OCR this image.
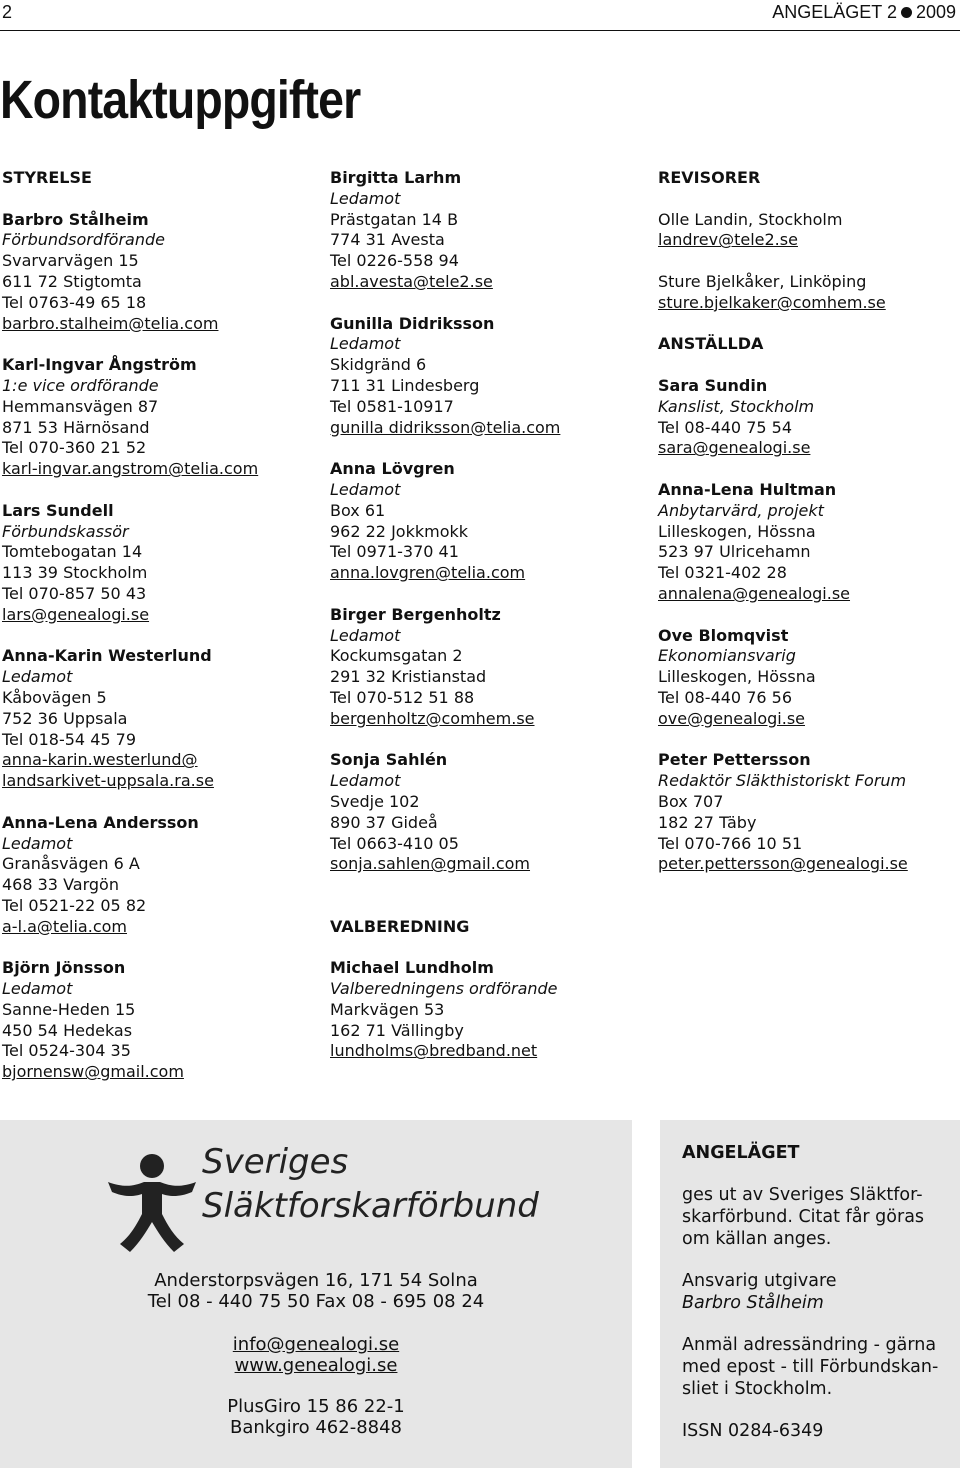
2	ANGELÄGET 2 2009
Kontaktuppgifter
STYRELSE
Barbro Stålheim
Förbundsordförande
Svarvarvägen 15
611 72 Stigtomta
Tel 0763-49 65 18
barbro.stalheim@telia.com
Karl-Ingvar Ångström
1:e vice ordförande
Hemmansvägen 87
871 53 Härnösand
Tel 070-360 21 52
karl-ingvar.angstrom@telia.com
Lars Sundell
Förbundskassör
Tomtebogatan 14
113 39 Stockholm
Tel 070-857 50 43
lars@genealogi.se
Anna-Karin Westerlund
Ledamot
Kåbovägen 5
752 36 Uppsala
Tel 018-54 45 79
anna-karin.westerlund@
landsarkivet-uppsala.ra.se
Anna-Lena Andersson
Ledamot
Granåsvägen 6 A
468 33 Vargön
Tel 0521-22 05 82
a-l.a@telia.com
Björn Jönsson
Ledamot
Sanne-Heden 15
450 54 Hedekas
Tel 0524-304 35
bjornensw@gmail.com
Birgitta Larhm
Ledamot
Prästgatan 14 B
774 31 Avesta
Tel 0226-558 94
abl.avesta@tele2.se
Gunilla Didriksson
Ledamot
Skidgränd 6
711 31 Lindesberg
Tel 0581-10917
gunilla didriksson@telia.com
Anna Lövgren
Ledamot
Box 61
962 22 Jokkmokk
Tel 0971-370 41
anna.lovgren@telia.com
Birger Bergenholtz
Ledamot
Kockumsgatan 2
291 32 Kristianstad
Tel 070-512 51 88
bergenholtz@comhem.se
Sonja Sahlén
Ledamot
Svedje 102
890 37 Gideå
Tel 0663-410 05
sonja.sahlen@gmail.com
VALBEREDNING
Michael Lundholm
Valberedningens ordförande
Markvägen 53
162 71 Vällingby
lundholms@bredband.net
REVISORER
Olle Landin, Stockholm
landrev@tele2.se
Sture Bjelkåker, Linköping
sture.bjelkaker@comhem.se
ANSTÄLLDA
Sara Sundin
Kanslist, Stockholm
Tel 08-440 75 54
sara@genealogi.se
Anna-Lena Hultman
Anbytarvärd, projekt
Lilleskogen, Hössna
523 97 Ulricehamn
Tel 0321-402 28
annalena@genealogi.se
Ove Blomqvist
Ekonomiansvarig
Lilleskogen, Hössna
Tel 08-440 76 56
ove@genealogi.se
Peter Pettersson
Redaktör Släkthistoriskt Forum
Box 707
182 27 Täby
Tel 070-766 10 51
peter.pettersson@genealogi.se
Sveriges
Släktforskarförbund
Anderstorpsvägen 16, 171 54 Solna
Tel 08 - 440 75 50 Fax 08 - 695 08 24
info@genealogi.se
www.genealogi.se
PlusGiro 15 86 22-1
Bankgiro 462-8848
ANGELÄGET
ges ut av Sveriges Släktfor-
skarförbund. Citat får göras
om källan anges.
Ansvarig utgivare
Barbro Stålheim
Anmäl adressändring - gärna
med epost - till Förbundskan-
sliet i Stockholm.
ISSN 0284-6349
